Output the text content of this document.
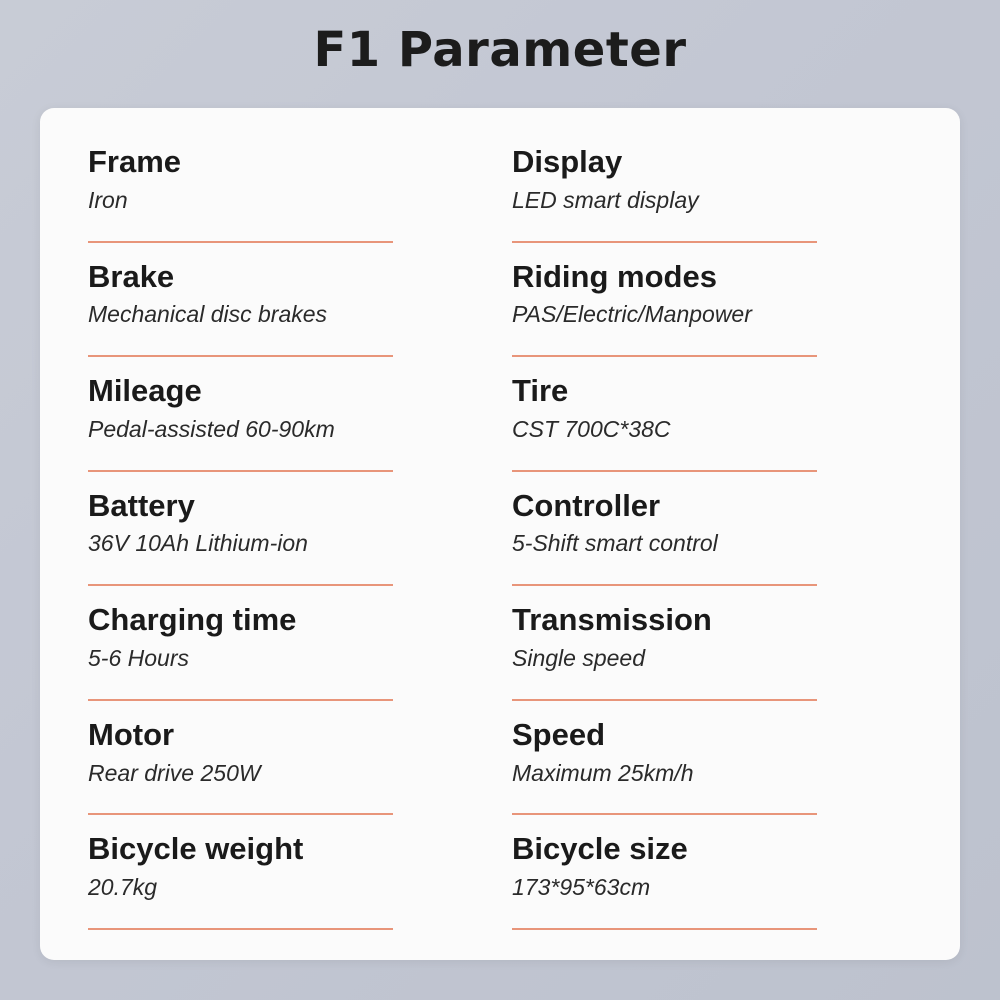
F1 Parameter
Frame
Iron
Brake
Mechanical disc brakes
Mileage
Pedal-assisted 60-90km
Battery
36V 10Ah Lithium-ion
Charging time
5-6 Hours
Motor
Rear drive 250W
Bicycle weight
20.7kg
Display
LED smart display
Riding modes
PAS/Electric/Manpower
Tire
CST 700C*38C
Controller
5-Shift smart control
Transmission
Single speed
Speed
Maximum 25km/h
Bicycle size
173*95*63cm
